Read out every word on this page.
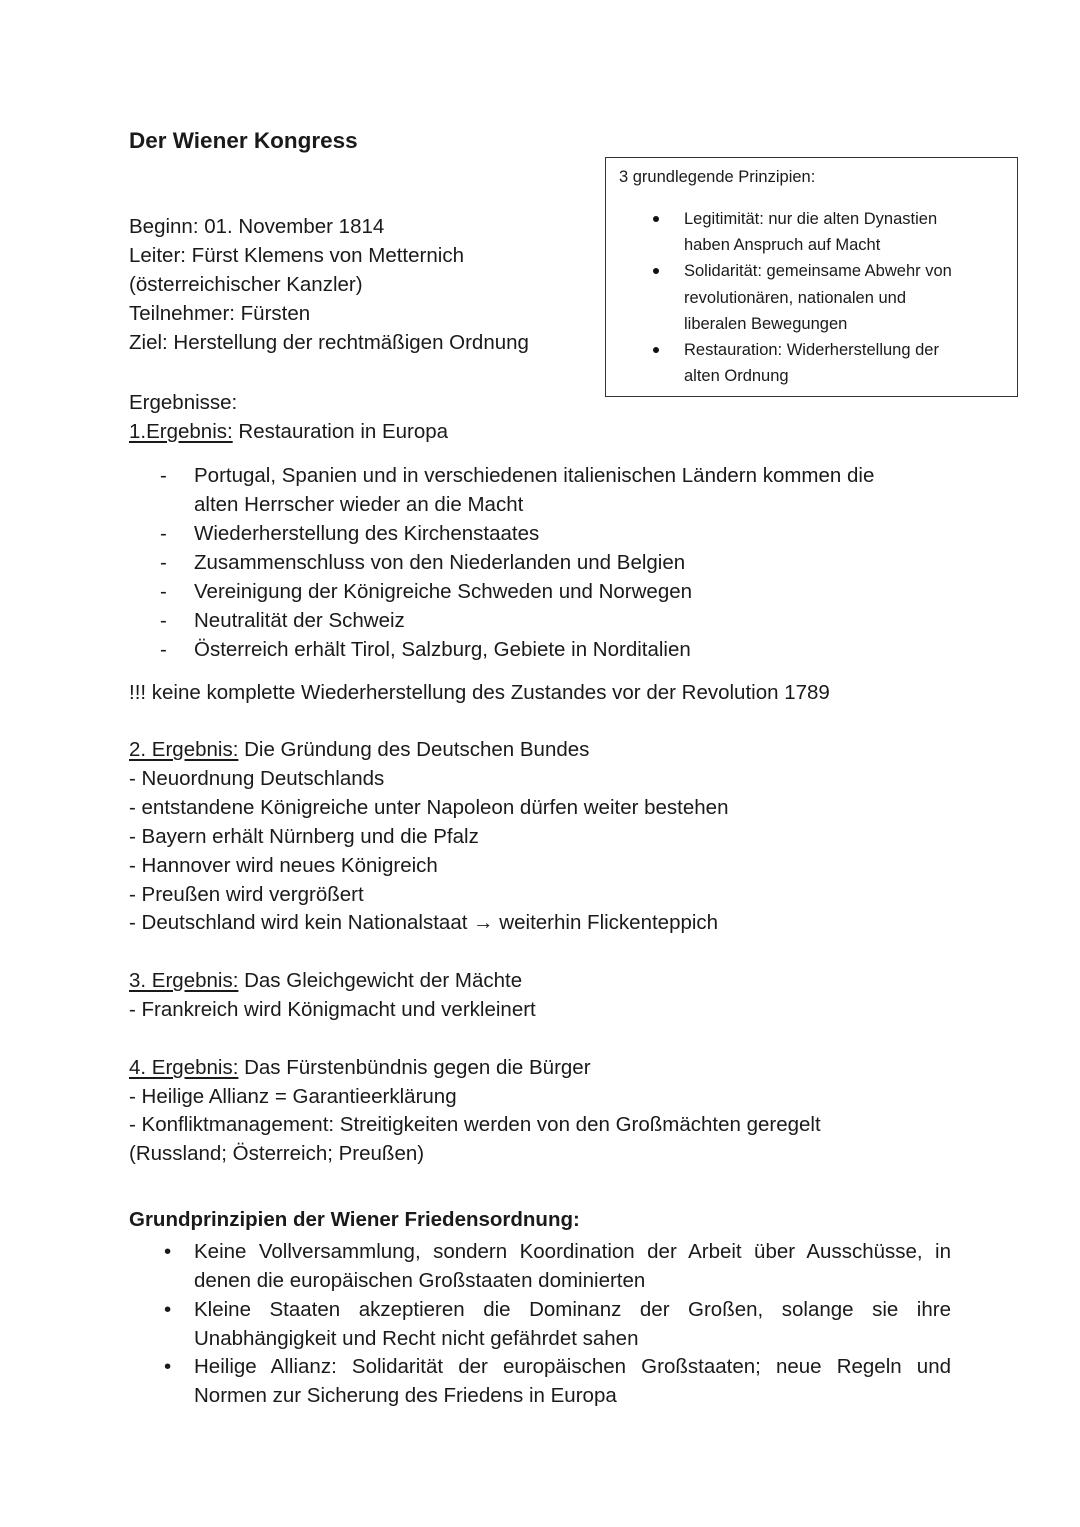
Der Wiener Kongress
Beginn: 01. November 1814
Leiter: Fürst Klemens von Metternich
(österreichischer Kanzler)
Teilnehmer: Fürsten
Ziel: Herstellung der rechtmäßigen Ordnung
3 grundlegende Prinzipien:
Legitimität: nur die alten Dynastien
haben Anspruch auf Macht
Solidarität: gemeinsame Abwehr von
revolutionären, nationalen und
liberalen Bewegungen
Restauration: Widerherstellung der
alten Ordnung
Ergebnisse:
1.Ergebnis: Restauration in Europa
- Portugal, Spanien und in verschiedenen italienischen Ländern kommen die
alten Herrscher wieder an die Macht
- Wiederherstellung des Kirchenstaates
- Zusammenschluss von den Niederlanden und Belgien
- Vereinigung der Königreiche Schweden und Norwegen
- Neutralität der Schweiz
- Österreich erhält Tirol, Salzburg, Gebiete in Norditalien
!!! keine komplette Wiederherstellung des Zustandes vor der Revolution 1789
2. Ergebnis: Die Gründung des Deutschen Bundes
- Neuordnung Deutschlands
- entstandene Königreiche unter Napoleon dürfen weiter bestehen
- Bayern erhält Nürnberg und die Pfalz
- Hannover wird neues Königreich
- Preußen wird vergrößert
- Deutschland wird kein Nationalstaat → weiterhin Flickenteppich
3. Ergebnis: Das Gleichgewicht der Mächte
- Frankreich wird Königmacht und verkleinert
4. Ergebnis: Das Fürstenbündnis gegen die Bürger
- Heilige Allianz = Garantieerklärung
- Konfliktmanagement: Streitigkeiten werden von den Großmächten geregelt
(Russland; Österreich; Preußen)
Grundprinzipien der Wiener Friedensordnung:
• Keine Vollversammlung, sondern Koordination der Arbeit über Ausschüsse, in denen die europäischen Großstaaten dominierten
• Kleine Staaten akzeptieren die Dominanz der Großen, solange sie ihre Unabhängigkeit und Recht nicht gefährdet sahen
• Heilige Allianz: Solidarität der europäischen Großstaaten; neue Regeln und Normen zur Sicherung des Friedens in Europa
